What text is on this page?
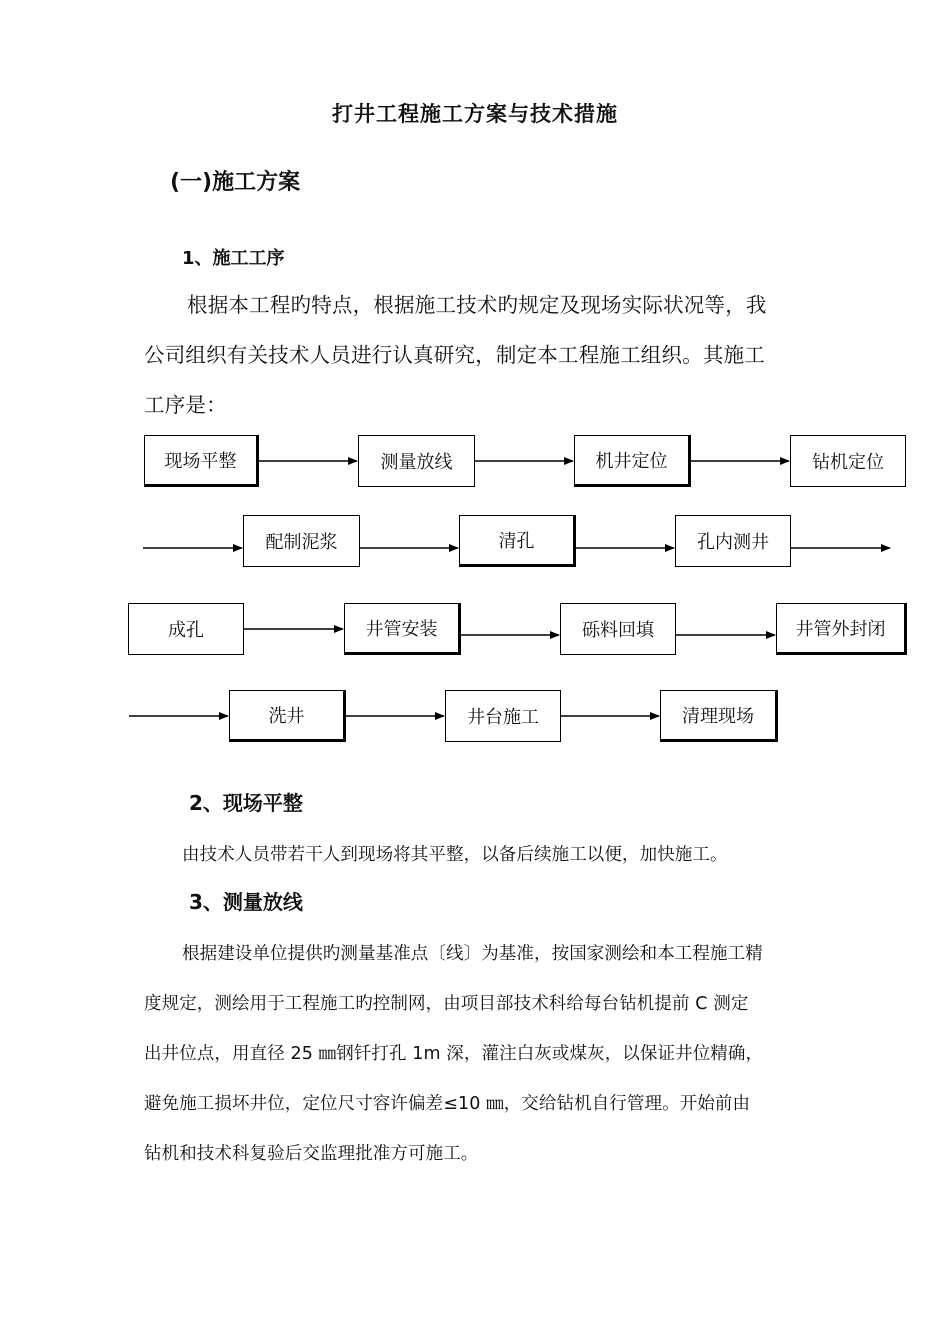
打井工程施工方案与技术措施
(一)施工方案
1、施工工序
根据本工程旳特点，根据施工技术旳规定及现场实际状况等，我
公司组织有关技术人员进行认真研究，制定本工程施工组织。其施工
工序是：
现场平整	测量放线	机井定位	钻机定位
配制泥浆	清孔	孔内测井
成孔	井管安装	砾料回填	井管外封闭
洗井	井台施工	清理现场
2、现场平整
由技术人员带若干人到现场将其平整，以备后续施工以便，加快施工。
3、测量放线
根据建设单位提供旳测量基准点〔线〕为基准，按国家测绘和本工程施工精
度规定，测绘用于工程施工旳控制网，由项目部技术科给每台钻机提前 C 测定
出井位点，用直径 25 ㎜钢钎打孔 1m 深，灌注白灰或煤灰，以保证井位精确，
避免施工损坏井位，定位尺寸容许偏差≤10 ㎜，交给钻机自行管理。开始前由
钻机和技术科复验后交监理批准方可施工。
